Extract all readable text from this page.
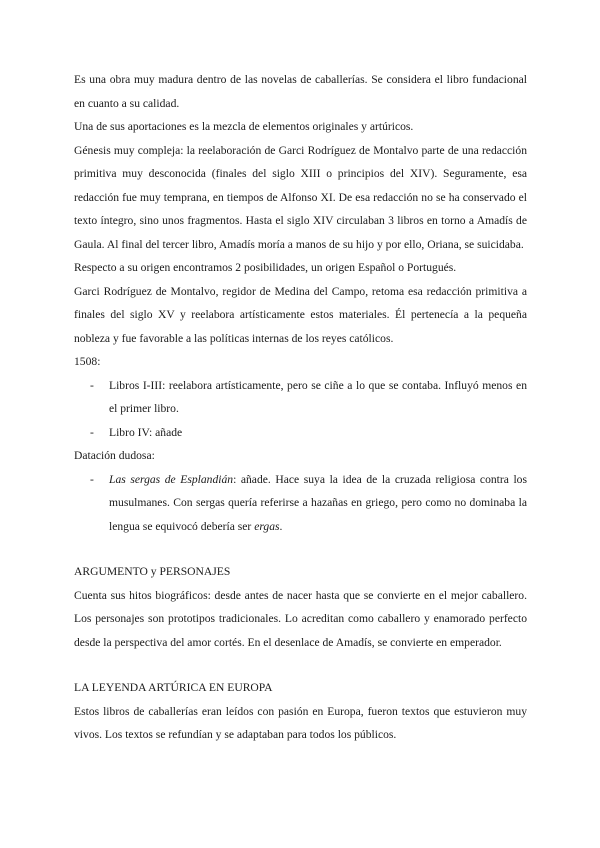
Es una obra muy madura dentro de las novelas de caballerías. Se considera el libro fundacional en cuanto a su calidad.

Una de sus aportaciones es la mezcla de elementos originales y artúricos.

Génesis muy compleja: la reelaboración de Garci Rodríguez de Montalvo parte de una redacción primitiva muy desconocida (finales del siglo XIII o principios del XIV). Seguramente, esa redacción fue muy temprana, en tiempos de Alfonso XI. De esa redacción no se ha conservado el texto íntegro, sino unos fragmentos. Hasta el siglo XIV circulaban 3 libros en torno a Amadís de Gaula. Al final del tercer libro, Amadís moría a manos de su hijo y por ello, Oriana, se suicidaba.

Respecto a su origen encontramos 2 posibilidades, un origen Español o Portugués.

Garci Rodríguez de Montalvo, regidor de Medina del Campo, retoma esa redacción primitiva a finales del siglo XV y reelabora artísticamente estos materiales. Él pertenecía a la pequeña nobleza y fue favorable a las políticas internas de los reyes católicos.

1508:

- Libros I-III: reelabora artísticamente, pero se ciñe a lo que se contaba. Influyó menos en el primer libro.
- Libro IV: añade

Datación dudosa:

- Las sergas de Esplandián: añade. Hace suya la idea de la cruzada religiosa contra los musulmanes. Con sergas quería referirse a hazañas en griego, pero como no dominaba la lengua se equivocó debería ser ergas.

ARGUMENTO y PERSONAJES

Cuenta sus hitos biográficos: desde antes de nacer hasta que se convierte en el mejor caballero. Los personajes son prototipos tradicionales. Lo acreditan como caballero y enamorado perfecto desde la perspectiva del amor cortés. En el desenlace de Amadís, se convierte en emperador.

LA LEYENDA ARTÚRICA EN EUROPA

Estos libros de caballerías eran leídos con pasión en Europa, fueron textos que estuvieron muy vivos. Los textos se refundían y se adaptaban para todos los públicos.
